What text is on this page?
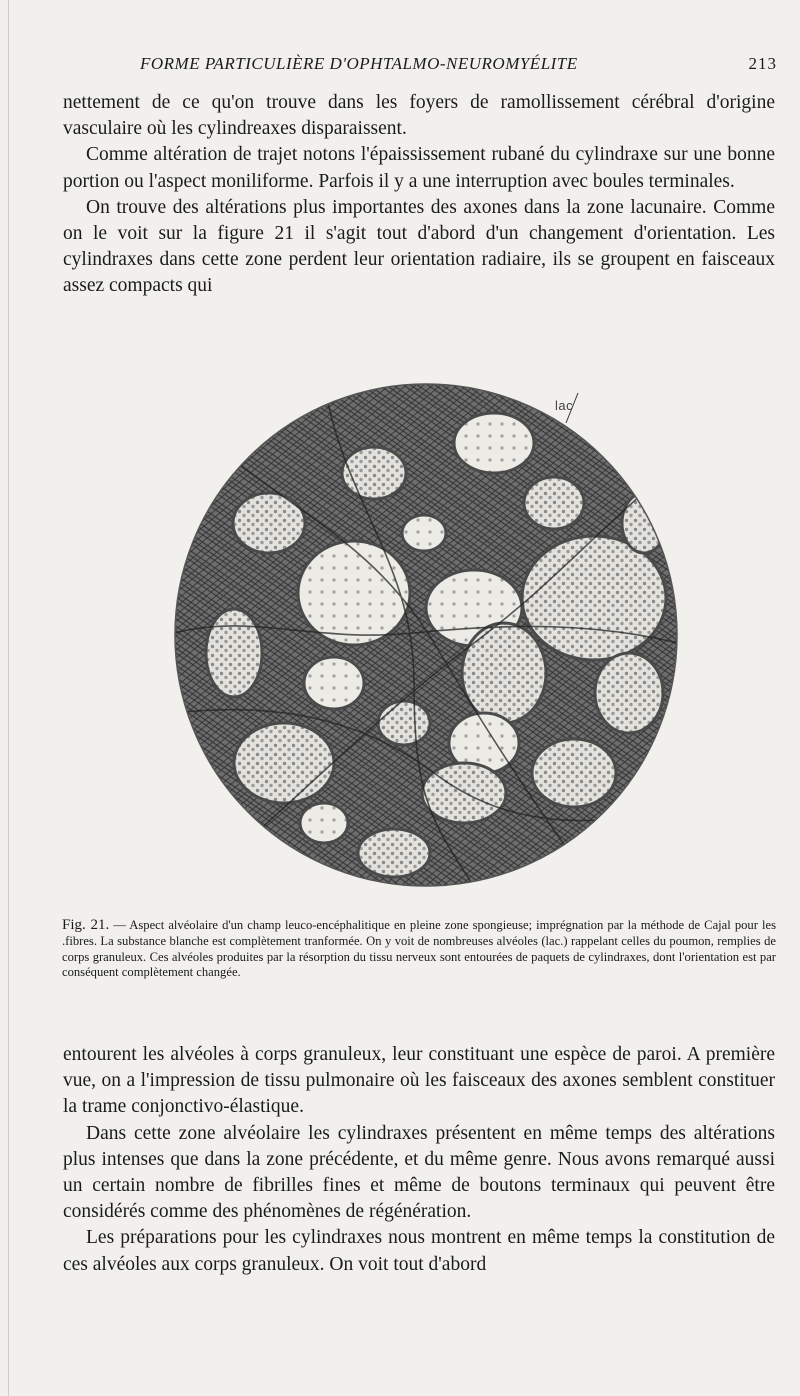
FORME PARTICULIÈRE D'OPHTALMO-NEUROMYÉLITE	213

nettement de ce qu'on trouve dans les foyers de ramollissement cérébral d'origine vasculaire où les cylindreaxes disparaissent.

Comme altération de trajet notons l'épaississement rubané du cylindraxe sur une bonne portion ou l'aspect moniliforme. Parfois il y a une interruption avec boules terminales.

On trouve des altérations plus importantes des axones dans la zone lacunaire. Comme on le voit sur la figure 21 il s'agit tout d'abord d'un changement d'orientation. Les cylindraxes dans cette zone perdent leur orientation radiaire, ils se groupent en faisceaux assez compacts qui

lac
Fig. 21. — Aspect alvéolaire d'un champ leuco-encéphalitique en pleine zone spongieuse; imprégnation par la méthode de Cajal pour les .fibres. La substance blanche est complètement tranformée. On y voit de nombreuses alvéoles (lac.) rappelant celles du poumon, remplies de corps granuleux. Ces alvéoles produites par la résorption du tissu nerveux sont entourées de paquets de cylindraxes, dont l'orientation est par conséquent complètement changée.

entourent les alvéoles à corps granuleux, leur constituant une espèce de paroi. A première vue, on a l'impression de tissu pulmonaire où les faisceaux des axones semblent constituer la trame conjonctivo-élastique.

Dans cette zone alvéolaire les cylindraxes présentent en même temps des altérations plus intenses que dans la zone précédente, et du même genre. Nous avons remarqué aussi un certain nombre de fibrilles fines et même de boutons terminaux qui peuvent être considérés comme des phénomènes de régénération.

Les préparations pour les cylindraxes nous montrent en même temps la constitution de ces alvéoles aux corps granuleux. On voit tout d'abord
